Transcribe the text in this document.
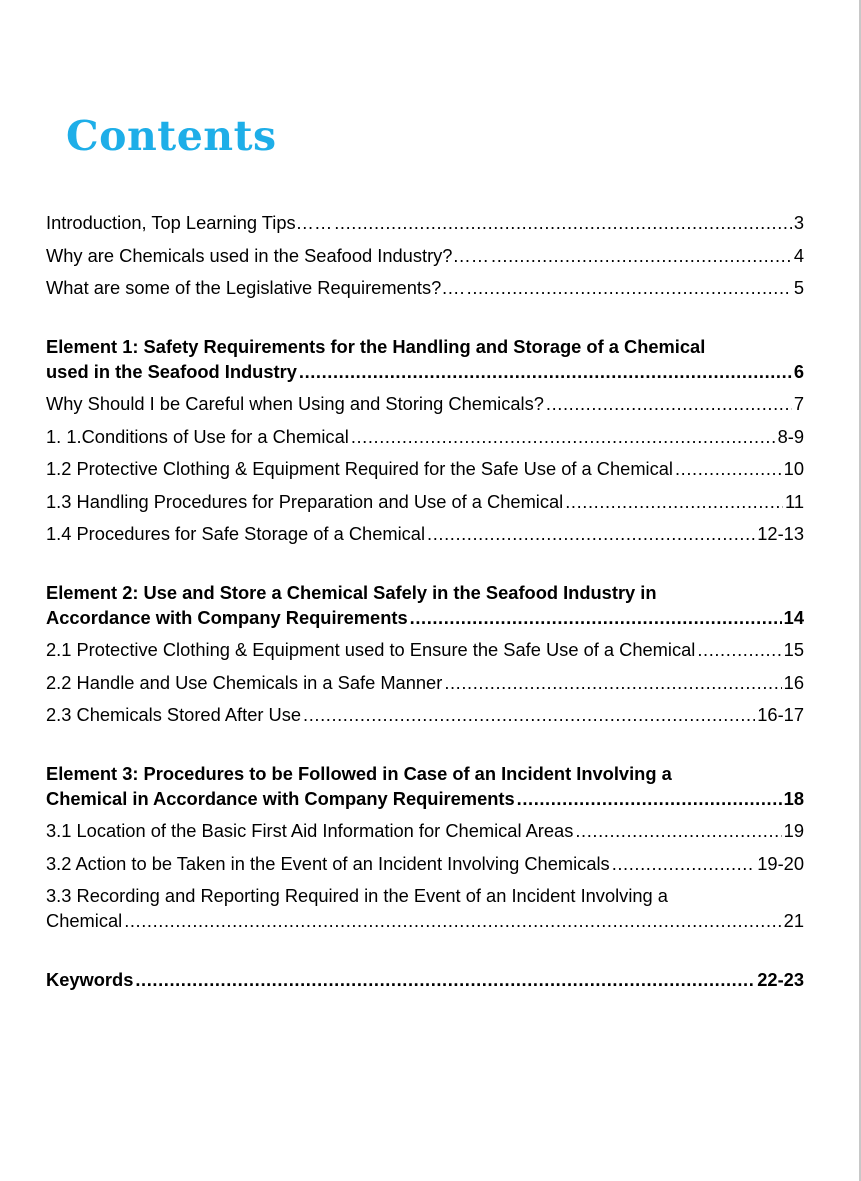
Contents
Introduction, Top Learning Tips…… .....	3
Why are Chemicals used in the Seafood Industry?…… .....	4
What are some of the Legislative Requirements?…. .....	5
Element 1: Safety Requirements for the Handling and Storage of a Chemical
used in the Seafood Industry .....	6
Why Should I be Careful when Using and Storing Chemicals? .....	7
1. 1.Conditions of Use for a Chemical .....	8-9
1.2 Protective Clothing & Equipment Required for the Safe Use of a Chemical .....	10
1.3 Handling Procedures for Preparation and Use of a Chemical .....	11
1.4 Procedures for Safe Storage of a Chemical .....	12-13
Element 2: Use and Store a Chemical Safely in the Seafood Industry in
Accordance with Company Requirements .....	14
2.1 Protective Clothing & Equipment used to Ensure the Safe Use of a Chemical .....	15
2.2 Handle and Use Chemicals in a Safe Manner .....	16
2.3 Chemicals Stored After Use .....	16-17
Element 3: Procedures to be Followed in Case of an Incident Involving a
Chemical in Accordance with Company Requirements .....	18
3.1 Location of the Basic First Aid Information for Chemical Areas .....	19
3.2 Action to be Taken in the Event of an Incident Involving Chemicals .....	19-20
3.3 Recording and Reporting Required in the Event of an Incident Involving a
Chemical .....	21
Keywords .....	22-23
